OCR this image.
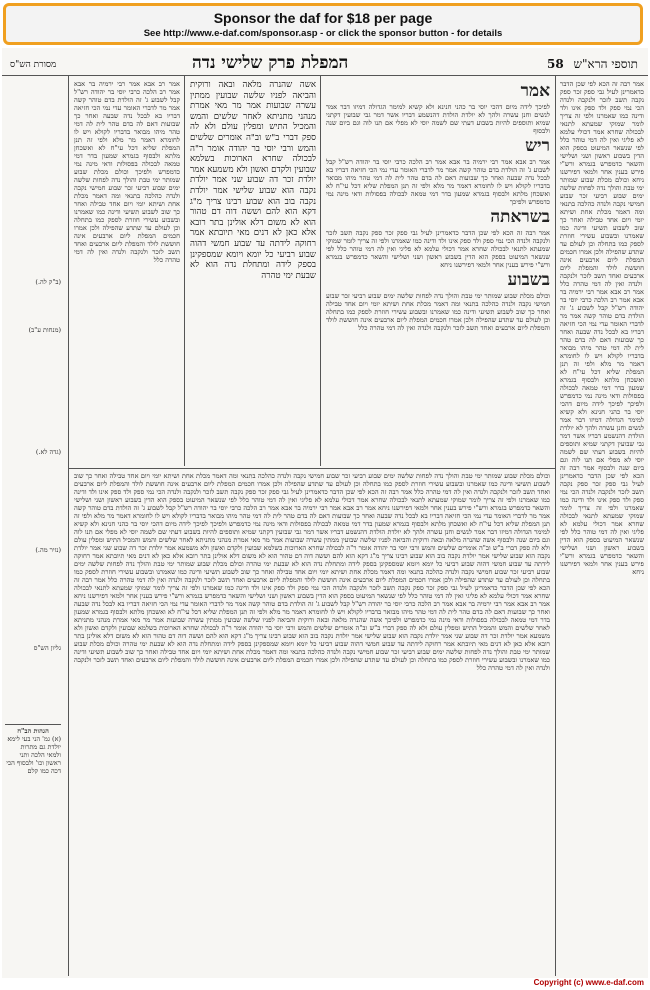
Sponsor the daf for $18 per page
See http://www.e-daf.com/sponsor.asp - or click the sponsor button - for details
מסורת הש"ס	המפלת פרק שלישי נדה	תוספי הרא"ש 58
(ב"ק לה.)
(מנחות ע"ב)
(גדה לא.)
(נזיר מה.)
גליון הש"ס
הגהות הב"ח
(א) גמ' הני בעי לימא יולדת גם מתרות ולמאי הלכה ותני ראשון וכו' ולבסוף הכי דכה כמו קלם
אמר רב אבא אמר רבי ירמיה בר אבא אמר רב הלכה כרבי יוסי בר יהודה רש"ל קבל לשבוע ג' זה הולדת בדם טוהר קשה אמר מר לדברי האומר עדי נמי הכי חזיאה דבריו בא לבכל נדה שבעה ואחר כך שבועות דאם לה בדם טהר לית לה דמי טהר מיהו מבואר בדבריו לקולא ויש לו לחומרא דאמר מר מלא ולפי זה תנן המפלת שליא דכל עי"ח לא ואשכחן מלתא ולבסוף בגמרא שמעון בדר דמי טמאה לבכולה בפסולות ודאי מינה נמי כדמפרש ולפיכך וכולם מכלת שבוע שמותר ימי טבת והולך נדה לפחות שלשה ימים שבוע רביעי זכר שבוע חמישי נקבה ולנדה כהלכה בתנאי ומה דאמר מכלת אחת ושיתא יומי ויום אחד טבילה ואחר כך שוב לשבוע תשיעי ודינה כמו שאמרנו ובשבוע עשירי חוזרת לספק כמו בתחלה וכן לעולם עד שתדע שהפילה ולכן אמרו חכמים המפלת ליום ארבעים אינה חוששת לולד והמפלת ליום ארבעים ואחד תשב לזכר ולנקבה ולנדה ואין לה דמי טהרה כלל
אשה שהנרה מלאה ובאה ורוקית והביאה לפניו שלשה שבועין ממתין עשרה שבועות אמר מר מאי אמרת מנהני מתניתא לאחר שלשים והמש והמכיל התיש ומפלין עולם ולא לה ספק דברי ב"ש וב"ה אומרים שלשים והמש ורבי יוסי בר יהודה אומר ר"ה לבכולה שחרא הארוכות בשלמא שבועין ולקדם ואשון ולא משמעא אמר יולדת זכר דה שבוע שני אמר יולדת נקבה הוא שבוע שלישי אמר יולדת נקבה בוב הוא שבוע רבינו צריך מ"ג דקא הוא להם וששה דוה דם טהור הוא לא משום דלא אולינן בתר רובא אלא כאן לא דנים מאי תיובתא אמר רחוקה לידתה עד שבוע חמשי דהוה שבוע רביעי כל יומא ויומא שמספקינן בספק לידה ומתחלת נדה הוא לא שבעת ימי טהרה
אמר
לפיכך לידה מיום דהכי יוסי בר כהני חנינא ולא קשיא למימר הגדולה דמיזו דבר אמר לנשים וחנן עשרה ולהך לא יולדת הולדת דהנשמע דבריו אשר דמר גבי שבועין דקתני שמיא ותוספים להיות בשבוע דעתי שם לשמה יוסי לא מפלי אם תנו לוה וגם ביום שנה ולבסוף
ריש
אמר רב אבא אמר רבי ירמיה בר אבא אמר רב הלכה כרבי יוסי בר יהודה רש"ל קבל לשבוע ג' זה הולדת בדם טוהר קשה אמר מר לדברי האומר עדי נמי הכי חזיאה דבריו בא לבכל נדה שבעה ואחר כך שבועות דאם לה בדם טהר לית לה דמי טהר מיהו מבואר בדבריו לקולא ויש לו לחומרא דאמר מר מלא ולפי זה תנן המפלת שליא דכל עי"ח לא ואשכחן מלתא ולבסוף בגמרא שמעון בדר דמי טמאה לבכולה בפסולות ודאי מינה נמי כדמפרש ולפיכך
בשראתה
אמר רבה זה הכא לפי שכן הדבר כדאמרינן לעיל גבי ספק זכר ספק נקבה תשב לזכר ולנקבה ולנדה הכי נמי ספק ולד ספק אינו ולד ודינה כמו שאמרנו ולפי זה צריך לומר שמוקי שמעתא לתנאי לבכולה שחרא אמר דכולי עלמא לא פליגי ואין לה דמי טוהר כלל לפי שנשאר המיעוט בספק הוא הדין בשבוע ראשון ושני ושלישי והשאר כדמפרש בגמרא ורש"י פירש בענין אחר ולמאי דפירשנו ניחא
בשבוע
וכולם מכלת שבוע שמותר ימי טבת והולך נדה לפחות שלשה ימים שבוע רביעי זכר שבוע חמישי נקבה ולנדה כהלכה בתנאי ומה דאמר מכלת אחת ושיתא יומי ויום אחד טבילה ואחר כך שוב לשבוע תשיעי ודינה כמו שאמרנו ובשבוע עשירי חוזרת לספק כמו בתחלה וכן לעולם עד שתדע שהפילה ולכן אמרו חכמים המפלת ליום ארבעים אינה חוששת לולד והמפלת ליום ארבעים ואחד תשב לזכר ולנקבה ולנדה ואין לה דמי טהרה כלל
אמר רבה זה הכא לפי שכן הדבר כדאמרינן לעיל גבי ספק זכר ספק נקבה תשב לזכר ולנקבה ולנדה הכי נמי ספק ולד ספק אינו ולד ודינה כמו שאמרנו ולפי זה צריך לומר שמוקי שמעתא לתנאי לבכולה שחרא אמר דכולי עלמא לא פליגי ואין לה דמי טוהר כלל לפי שנשאר המיעוט בספק הוא הדין בשבוע ראשון ושני ושלישי והשאר כדמפרש בגמרא ורש"י פירש בענין אחר ולמאי דפירשנו ניחא וכולם מכלת שבוע שמותר ימי טבת והולך נדה לפחות שלשה ימים שבוע רביעי זכר שבוע חמישי נקבה ולנדה כהלכה בתנאי ומה דאמר מכלת אחת ושיתא יומי ויום אחד טבילה ואחר כך שוב לשבוע תשיעי ודינה כמו שאמרנו ובשבוע עשירי חוזרת לספק כמו בתחלה וכן לעולם עד שתדע שהפילה ולכן אמרו חכמים המפלת ליום ארבעים אינה חוששת לולד והמפלת ליום ארבעים ואחד תשב לזכר ולנקבה ולנדה ואין לה דמי טהרה כלל אמר רב אבא אמר רבי ירמיה בר אבא אמר רב הלכה כרבי יוסי בר יהודה רש"ל קבל לשבוע ג' זה הולדת בדם טוהר קשה אמר מר לדברי האומר עדי נמי הכי חזיאה דבריו בא לבכל נדה שבעה ואחר כך שבועות דאם לה בדם טהר לית לה דמי טהר מיהו מבואר בדבריו לקולא ויש לו לחומרא דאמר מר מלא ולפי זה תנן המפלת שליא דכל עי"ח לא ואשכחן מלתא ולבסוף בגמרא שמעון בדר דמי טמאה לבכולה בפסולות ודאי מינה נמי כדמפרש ולפיכך לפיכך לידה מיום דהכי יוסי בר כהני חנינא ולא קשיא למימר הגדולה דמיזו דבר אמר לנשים וחנן עשרה ולהך לא יולדת הולדת דהנשמע דבריו אשר דמר גבי שבועין דקתני שמיא ותוספים להיות בשבוע דעתי שם לשמה יוסי לא מפלי אם תנו לוה וגם ביום שנה ולבסוף אמר רבה זה הכא לפי שכן הדבר כדאמרינן לעיל גבי ספק זכר ספק נקבה תשב לזכר ולנקבה ולנדה הכי נמי ספק ולד ספק אינו ולד ודינה כמו שאמרנו ולפי זה צריך לומר שמוקי שמעתא לתנאי לבכולה שחרא אמר דכולי עלמא לא פליגי ואין לה דמי טוהר כלל לפי שנשאר המיעוט בספק הוא הדין בשבוע ראשון ושני ושלישי והשאר כדמפרש בגמרא ורש"י פירש בענין אחר ולמאי דפירשנו ניחא
וכולם מכלת שבוע שמותר ימי טבת והולך נדה לפחות שלשה ימים שבוע רביעי זכר שבוע חמישי נקבה ולנדה כהלכה בתנאי ומה דאמר מכלת אחת ושיתא יומי ויום אחד טבילה ואחר כך שוב לשבוע תשיעי ודינה כמו שאמרנו ובשבוע עשירי חוזרת לספק כמו בתחלה וכן לעולם עד שתדע שהפילה ולכן אמרו חכמים המפלת ליום ארבעים אינה חוששת לולד והמפלת ליום ארבעים ואחד תשב לזכר ולנקבה ולנדה ואין לה דמי טהרה כלל אמר רבה זה הכא לפי שכן הדבר כדאמרינן לעיל גבי ספק זכר ספק נקבה תשב לזכר ולנקבה ולנדה הכי נמי ספק ולד ספק אינו ולד ודינה כמו שאמרנו ולפי זה צריך לומר שמוקי שמעתא לתנאי לבכולה שחרא אמר דכולי עלמא לא פליגי ואין לה דמי טוהר כלל לפי שנשאר המיעוט בספק הוא הדין בשבוע ראשון ושני ושלישי והשאר כדמפרש בגמרא ורש"י פירש בענין אחר ולמאי דפירשנו ניחא אמר רב אבא אמר רבי ירמיה בר אבא אמר רב הלכה כרבי יוסי בר יהודה רש"ל קבל לשבוע ג' זה הולדת בדם טוהר קשה אמר מר לדברי האומר עדי נמי הכי חזיאה דבריו בא לבכל נדה שבעה ואחר כך שבועות דאם לה בדם טהר לית לה דמי טהר מיהו מבואר בדבריו לקולא ויש לו לחומרא דאמר מר מלא ולפי זה תנן המפלת שליא דכל עי"ח לא ואשכחן מלתא ולבסוף בגמרא שמעון בדר דמי טמאה לבכולה בפסולות ודאי מינה נמי כדמפרש ולפיכך לפיכך לידה מיום דהכי יוסי בר כהני חנינא ולא קשיא למימר הגדולה דמיזו דבר אמר לנשים וחנן עשרה ולהך לא יולדת הולדת דהנשמע דבריו אשר דמר גבי שבועין דקתני שמיא ותוספים להיות בשבוע דעתי שם לשמה יוסי לא מפלי אם תנו לוה וגם ביום שנה ולבסוף אשה שהנרה מלאה ובאה ורוקית והביאה לפניו שלשה שבועין ממתין עשרה שבועות אמר מר מאי אמרת מנהני מתניתא לאחר שלשים והמש והמכיל התיש ומפלין עולם ולא לה ספק דברי ב"ש וב"ה אומרים שלשים והמש ורבי יוסי בר יהודה אומר ר"ה לבכולה שחרא הארוכות בשלמא שבועין ולקדם ואשון ולא משמעא אמר יולדת זכר דה שבוע שני אמר יולדת נקבה הוא שבוע שלישי אמר יולדת נקבה בוב הוא שבוע רבינו צריך מ"ג דקא הוא להם וששה דוה דם טהור הוא לא משום דלא אולינן בתר רובא אלא כאן לא דנים מאי תיובתא אמר רחוקה לידתה עד שבוע חמשי דהוה שבוע רביעי כל יומא ויומא שמספקינן בספק לידה ומתחלת נדה הוא לא שבעת ימי טהרה וכולם מכלת שבוע שמותר ימי טבת והולך נדה לפחות שלשה ימים שבוע רביעי זכר שבוע חמישי נקבה ולנדה כהלכה בתנאי ומה דאמר מכלת אחת ושיתא יומי ויום אחד טבילה ואחר כך שוב לשבוע תשיעי ודינה כמו שאמרנו ובשבוע עשירי חוזרת לספק כמו בתחלה וכן לעולם עד שתדע שהפילה ולכן אמרו חכמים המפלת ליום ארבעים אינה חוששת לולד והמפלת ליום ארבעים ואחד תשב לזכר ולנקבה ולנדה ואין לה דמי טהרה כלל אמר רבה זה הכא לפי שכן הדבר כדאמרינן לעיל גבי ספק זכר ספק נקבה תשב לזכר ולנקבה ולנדה הכי נמי ספק ולד ספק אינו ולד ודינה כמו שאמרנו ולפי זה צריך לומר שמוקי שמעתא לתנאי לבכולה שחרא אמר דכולי עלמא לא פליגי ואין לה דמי טוהר כלל לפי שנשאר המיעוט בספק הוא הדין בשבוע ראשון ושני ושלישי והשאר כדמפרש בגמרא ורש"י פירש בענין אחר ולמאי דפירשנו ניחא אמר רב אבא אמר רבי ירמיה בר אבא אמר רב הלכה כרבי יוסי בר יהודה רש"ל קבל לשבוע ג' זה הולדת בדם טוהר קשה אמר מר לדברי האומר עדי נמי הכי חזיאה דבריו בא לבכל נדה שבעה ואחר כך שבועות דאם לה בדם טהר לית לה דמי טהר מיהו מבואר בדבריו לקולא ויש לו לחומרא דאמר מר מלא ולפי זה תנן המפלת שליא דכל עי"ח לא ואשכחן מלתא ולבסוף בגמרא שמעון בדר דמי טמאה לבכולה בפסולות ודאי מינה נמי כדמפרש ולפיכך אשה שהנרה מלאה ובאה ורוקית והביאה לפניו שלשה שבועין ממתין עשרה שבועות אמר מר מאי אמרת מנהני מתניתא לאחר שלשים והמש והמכיל התיש ומפלין עולם ולא לה ספק דברי ב"ש וב"ה אומרים שלשים והמש ורבי יוסי בר יהודה אומר ר"ה לבכולה שחרא הארוכות בשלמא שבועין ולקדם ואשון ולא משמעא אמר יולדת זכר דה שבוע שני אמר יולדת נקבה הוא שבוע שלישי אמר יולדת נקבה בוב הוא שבוע רבינו צריך מ"ג דקא הוא להם וששה דוה דם טהור הוא לא משום דלא אולינן בתר רובא אלא כאן לא דנים מאי תיובתא אמר רחוקה לידתה עד שבוע חמשי דהוה שבוע רביעי כל יומא ויומא שמספקינן בספק לידה ומתחלת נדה הוא לא שבעת ימי טהרה וכולם מכלת שבוע שמותר ימי טבת והולך נדה לפחות שלשה ימים שבוע רביעי זכר שבוע חמישי נקבה ולנדה כהלכה בתנאי ומה דאמר מכלת אחת ושיתא יומי ויום אחד טבילה ואחר כך שוב לשבוע תשיעי ודינה כמו שאמרנו ובשבוע עשירי חוזרת לספק כמו בתחלה וכן לעולם עד שתדע שהפילה ולכן אמרו חכמים המפלת ליום ארבעים אינה חוששת לולד והמפלת ליום ארבעים ואחד תשב לזכר ולנקבה ולנדה ואין לה דמי טהרה כלל
Copyright (c) www.e-daf.com
